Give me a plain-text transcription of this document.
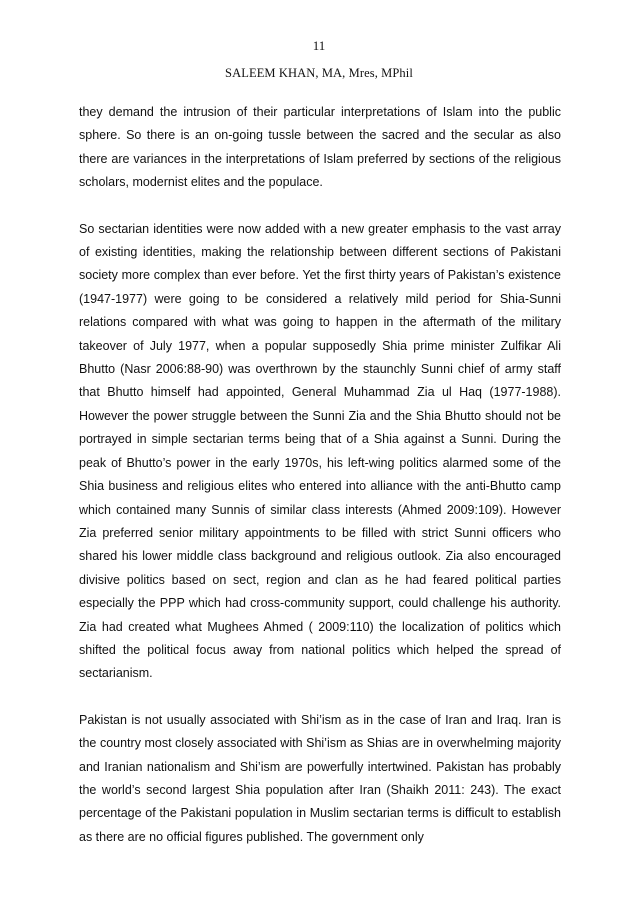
11
SALEEM KHAN, MA, Mres, MPhil

they demand the intrusion of their particular interpretations of Islam into the public sphere. So there is an on-going tussle between the sacred and the secular as also there are variances in the interpretations of Islam preferred by sections of the religious scholars, modernist elites and the populace.

So sectarian identities were now added with a new greater emphasis to the vast array of existing identities, making the relationship between different sections of Pakistani society more complex than ever before. Yet the first thirty years of Pakistan’s existence (1947-1977) were going to be considered a relatively mild period for Shia-Sunni relations compared with what was going to happen in the aftermath of the military takeover of July 1977, when a popular supposedly Shia prime minister Zulfikar Ali Bhutto (Nasr 2006:88-90) was overthrown by the staunchly Sunni chief of army staff that Bhutto himself had appointed, General Muhammad Zia ul Haq (1977-1988). However the power struggle between the Sunni Zia and the Shia Bhutto should not be portrayed in simple sectarian terms being that of a Shia against a Sunni. During the peak of Bhutto’s power in the early 1970s, his left-wing politics alarmed some of the Shia business and religious elites who entered into alliance with the anti-Bhutto camp which contained many Sunnis of similar class interests (Ahmed 2009:109). However Zia preferred senior military appointments to be filled with strict Sunni officers who shared his lower middle class background and religious outlook. Zia also encouraged divisive politics based on sect, region and clan as he had feared political parties especially the PPP which had cross-community support, could challenge his authority. Zia had created what Mughees Ahmed ( 2009:110) the localization of politics which shifted the political focus away from national politics which helped the spread of sectarianism.

Pakistan is not usually associated with Shi’ism as in the case of Iran and Iraq. Iran is the country most closely associated with Shi’ism as Shias are in overwhelming majority and Iranian nationalism and Shi’ism are powerfully intertwined. Pakistan has probably the world’s second largest Shia population after Iran (Shaikh 2011: 243). The exact percentage of the Pakistani population in Muslim sectarian terms is difficult to establish as there are no official figures published. The government only
